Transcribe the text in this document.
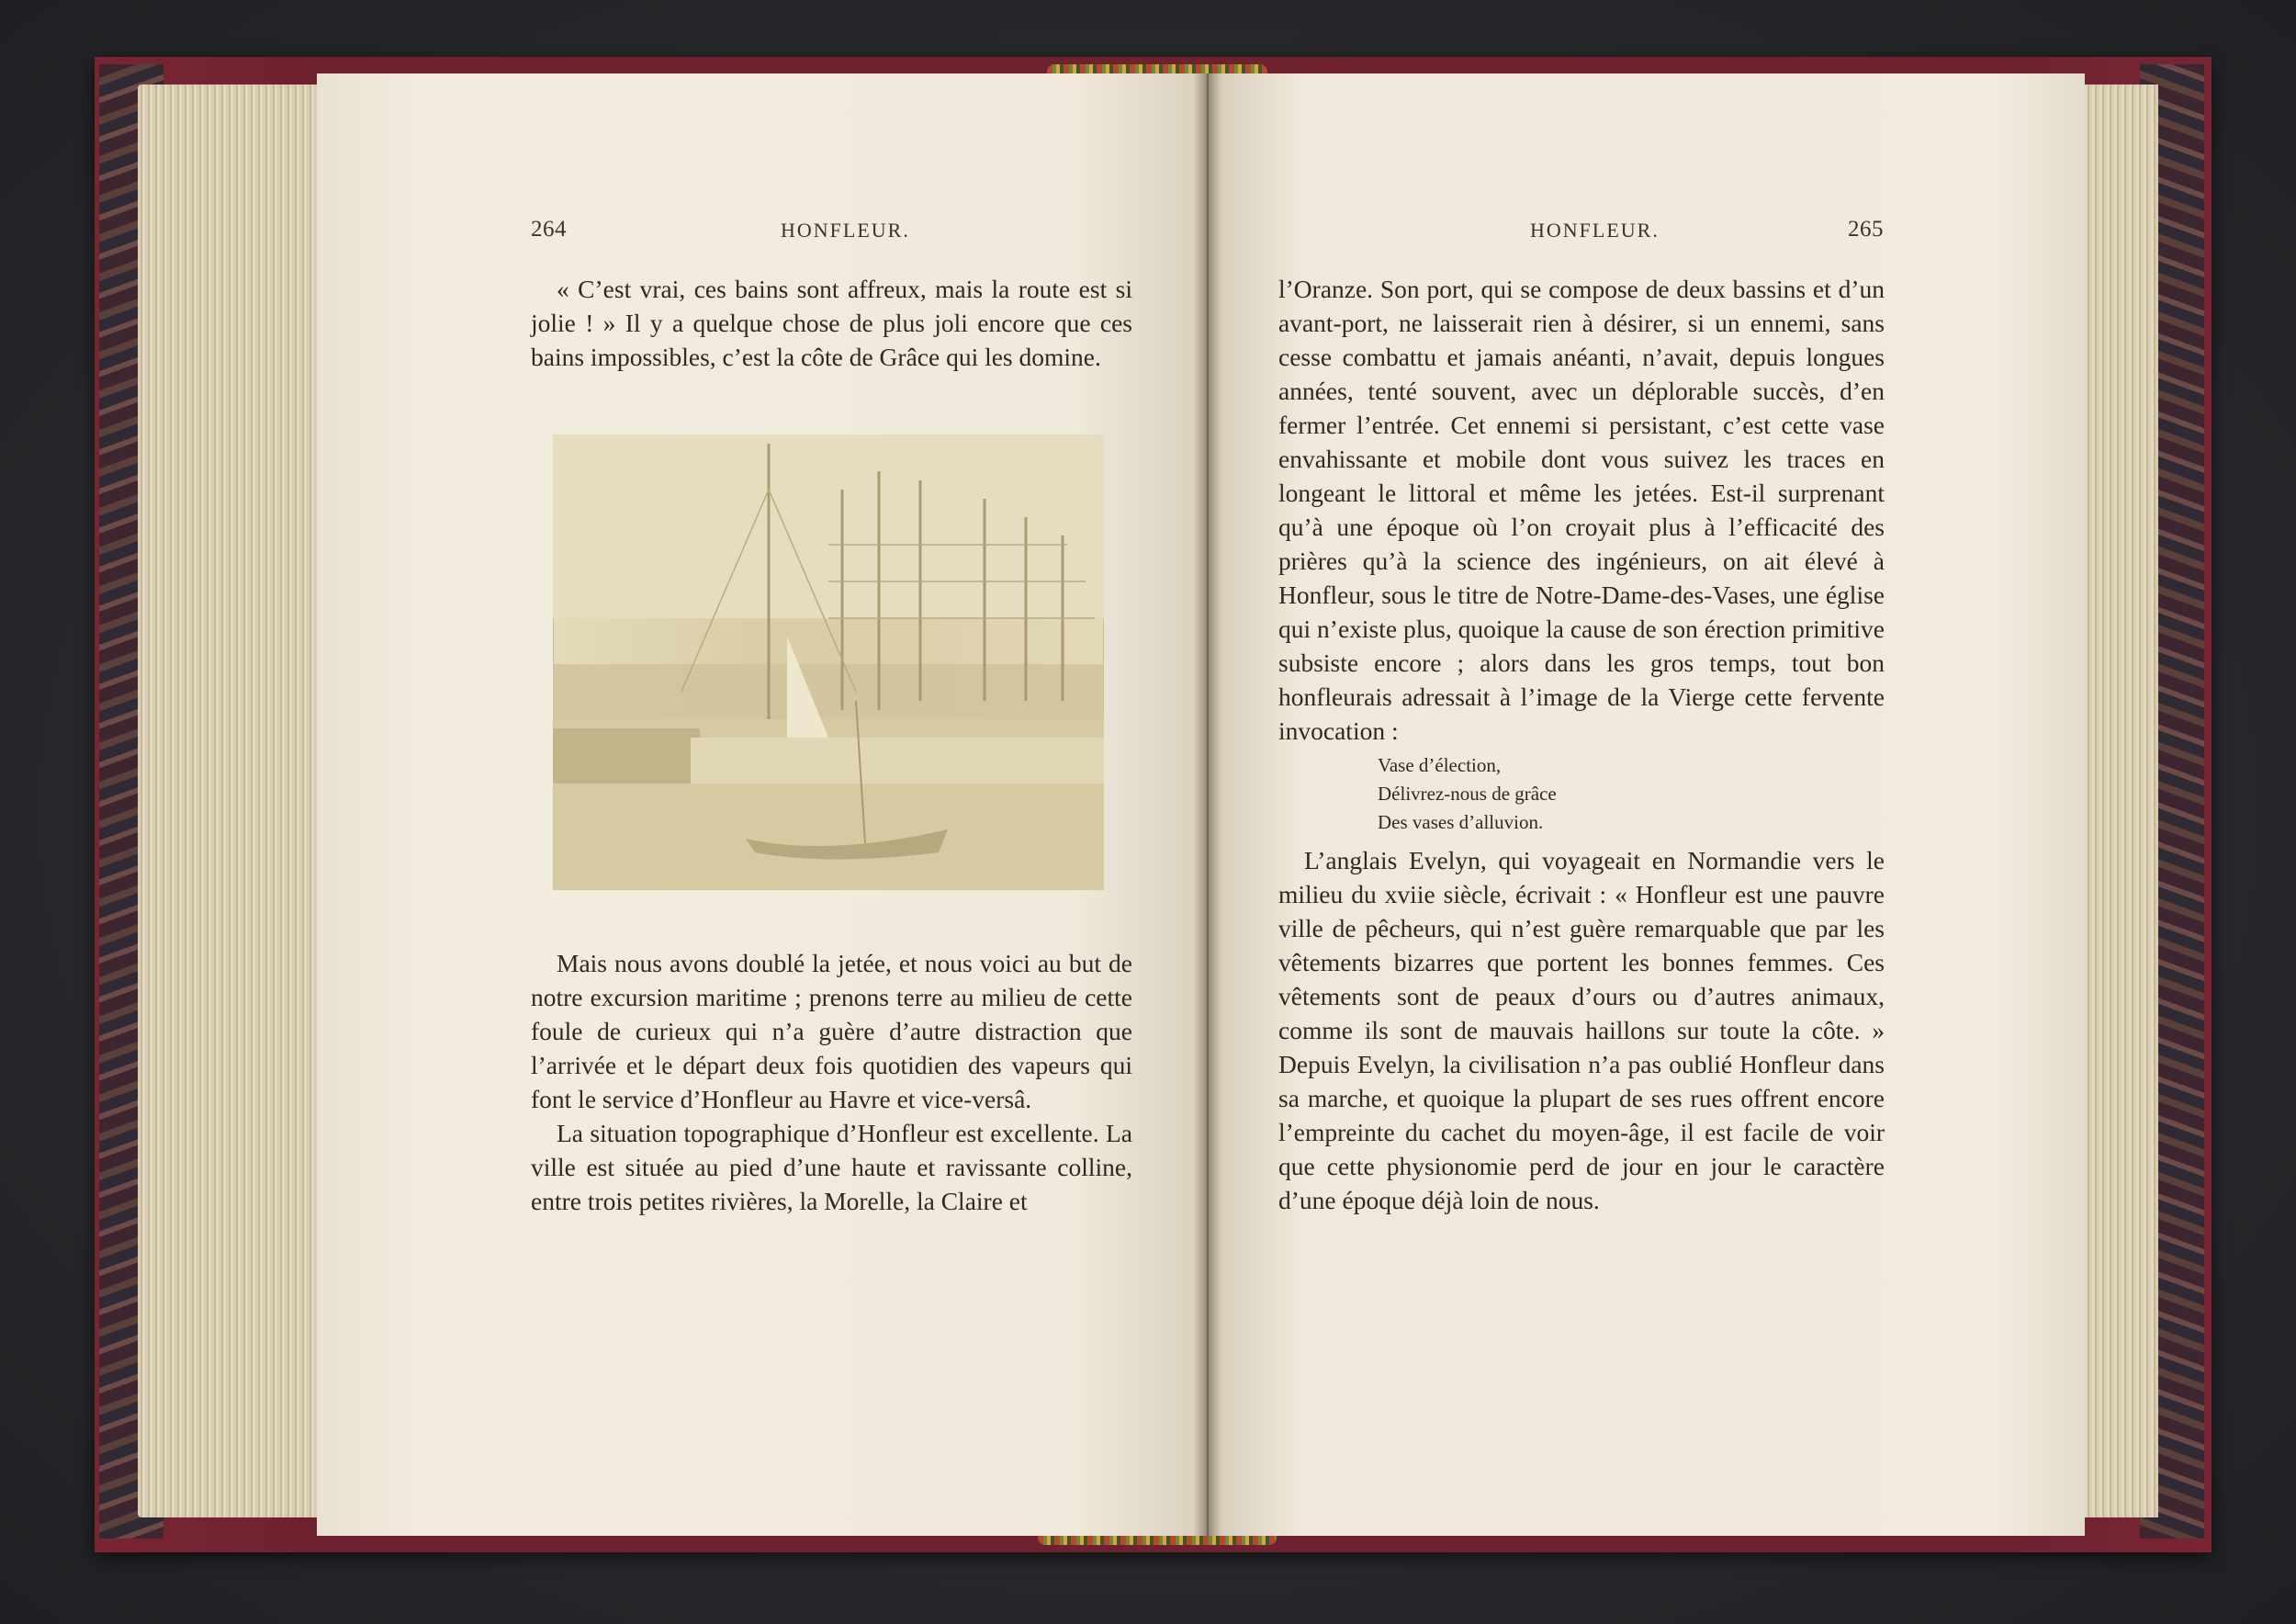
264	HONFLEUR.

« C’est vrai, ces bains sont affreux, mais la route est si jolie ! » Il y a quelque chose de plus joli encore que ces bains impossibles, c’est la côte de Grâce qui les domine.

Mais nous avons doublé la jetée, et nous voici au but de notre excursion maritime ; prenons terre au milieu de cette foule de curieux qui n’a guère d’autre distraction que l’arrivée et le départ deux fois quotidien des vapeurs qui font le service d’Honfleur au Havre et vice-versâ.

La situation topographique d’Honfleur est excellente. La ville est située au pied d’une haute et ravissante colline, entre trois petites rivières, la Morelle, la Claire et

HONFLEUR.	265

l’Oranze. Son port, qui se compose de deux bassins et d’un avant-port, ne laisserait rien à désirer, si un ennemi, sans cesse combattu et jamais anéanti, n’avait, depuis longues années, tenté souvent, avec un déplorable succès, d’en fermer l’entrée. Cet ennemi si persistant, c’est cette vase envahissante et mobile dont vous suivez les traces en longeant le littoral et même les jetées. Est-il surprenant qu’à une époque où l’on croyait plus à l’efficacité des prières qu’à la science des ingénieurs, on ait élevé à Honfleur, sous le titre de Notre-Dame-des-Vases, une église qui n’existe plus, quoique la cause de son érection primitive subsiste encore ; alors dans les gros temps, tout bon honfleurais adressait à l’image de la Vierge cette fervente invocation :

Vase d’élection,
Délivrez-nous de grâce
Des vases d’alluvion.

L’anglais Evelyn, qui voyageait en Normandie vers le milieu du xviie siècle, écrivait : « Honfleur est une pauvre ville de pêcheurs, qui n’est guère remarquable que par les vêtements bizarres que portent les bonnes femmes. Ces vêtements sont de peaux d’ours ou d’autres animaux, comme ils sont de mauvais haillons sur toute la côte. » Depuis Evelyn, la civilisation n’a pas oublié Honfleur dans sa marche, et quoique la plupart de ses rues offrent encore l’empreinte du cachet du moyen-âge, il est facile de voir que cette physionomie perd de jour en jour le caractère d’une époque déjà loin de nous.
